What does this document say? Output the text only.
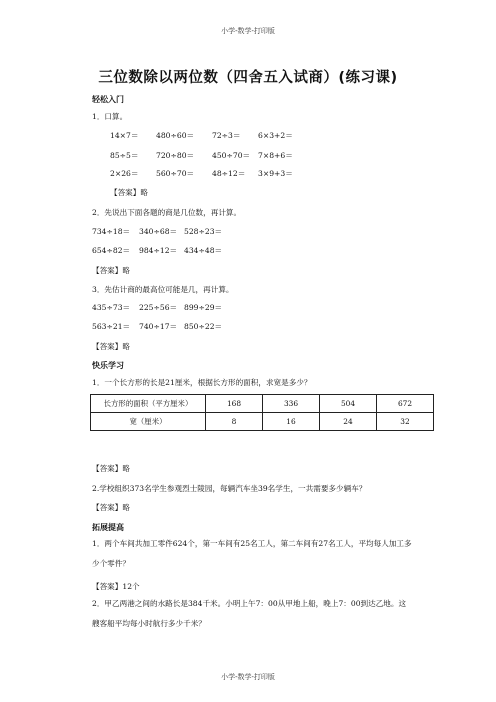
小学-数学-打印版
三位数除以两位数（四舍五入试商）(练习课)
轻松入门
1．口算。
14×7＝ 480÷60＝ 72÷3＝ 6×3+2＝
85÷5＝ 720÷80＝ 450÷70＝ 7×8+6＝
2×26＝ 560÷70＝ 48÷12＝ 3×9+3＝
【答案】略
2．先说出下面各题的商是几位数，再计算。
734÷18＝ 340÷68＝ 528÷23＝
654÷82＝ 984÷12＝ 434÷48＝
【答案】略
3．先估计商的最高位可能是几，再计算。
435÷73＝ 225÷56＝ 899÷29＝
563÷21＝ 740÷17＝ 850÷22＝
【答案】略
快乐学习
1．一个长方形的长是21厘米，根据长方形的面积，求宽是多少？
长方形的面积（平方厘米）	168	336	504	672
宽（厘米）	8	16	24	32
【答案】略
2.学校组织373名学生参观烈士陵园，每辆汽车坐39名学生，一共需要多少辆车？
【答案】略
拓展提高
1．两个车间共加工零件624个，第一车间有25名工人，第二车间有27名工人，平均每人加工多少个零件？
【答案】12个
2．甲乙两港之间的水路长是384千米。小明上午7：00从甲地上船，晚上7：00到达乙地。这艘客船平均每小时航行多少千米？
小学-数学-打印版
